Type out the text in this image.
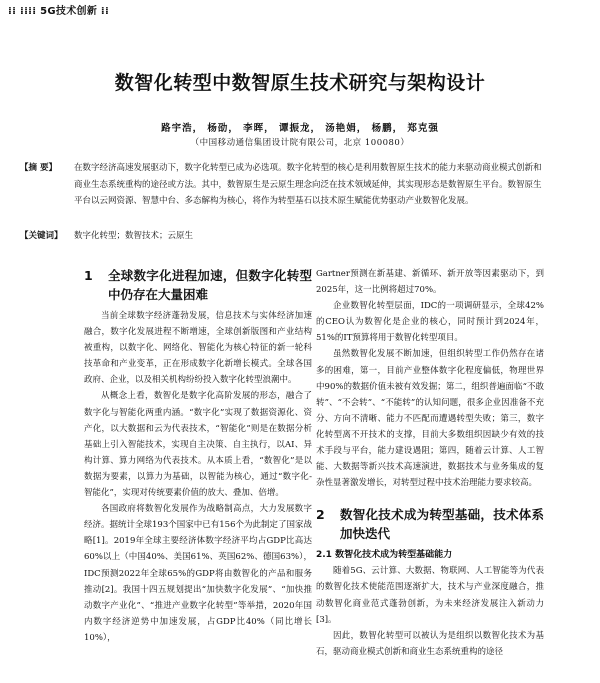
⁞⁞ ⁞⁞⁞⁞ 5G技术创新 ⁞⁞
数智化转型中数智原生技术研究与架构设计
路宇浩， 杨劭， 李晖， 谭振龙， 汤艳娟， 杨鹏， 郑克强
（中国移动通信集团设计院有限公司，北京 100080）
【摘 要】 在数字经济高速发展驱动下，数字化转型已成为必选项。数字化转型的核心是利用数智原生技术的能力来驱动商业模式创新和商业生态系统重构的途径或方法。其中，数智原生是云原生理念向泛在技术领域延伸，其实现形态是数智原生平台。数智原生平台以云网资源、智慧中台、多态解构为核心，将作为转型基石以技术原生赋能优势驱动产业数智化发展。
【关键词】 数字化转型；数智技术；云原生
1	全球数字化进程加速，但数字化转型中仍存在大量困难

当前全球数字经济蓬勃发展，信息技术与实体经济加速融合，数字化发展进程不断增速，全球创新版图和产业结构被重构，以数字化、网络化、智能化为核心特征的新一轮科技革命和产业变革，正在形成数字化新增长模式。全球各国政府、企业，以及相关机构纷纷投入数字化转型浪潮中。

从概念上看，数智化是数字化高阶发展的形态，融合了数字化与智能化两重内涵。“数字化”实现了数据资源化、资产化，以大数据和云为代表技术，“智能化”则是在数据分析基础上引入智能技术，实现自主决策、自主执行，以AI、异构计算、算力网络为代表技术。从本质上看，“数智化”是以数据为要素，以算力为基础，以智能为核心，通过“数字化-智能化”，实现对传统要素价值的放大、叠加、倍增。

各国政府将数智化发展作为战略制高点，大力发展数字经济。据统计全球193个国家中已有156个为此制定了国家战略[1]。2019年全球主要经济体数字经济平均占GDP比高达60%以上（中国40%、美国61%、英国62%、德国63%），IDC预测2022年全球65%的GDP将由数智化的产品和服务推动[2]。我国十四五规划提出“加快数字化发展”、“加快推动数字产业化”、“推进产业数字化转型”等举措，2020年国内数字经济逆势中加速发展，占GDP比40%（同比增长10%），

Gartner预测在新基建、新循环、新开放等因素驱动下，到2025年，这一比例将超过70%。

企业数智化转型层面，IDC的一项调研显示，全球42%的CEO认为数智化是企业的核心，同时预计到2024年，51%的IT预算将用于数智化转型项目。

虽然数智化发展不断加速，但组织转型工作仍然存在诸多的困难，第一，目前产业整体数字化程度偏低，物理世界中90%的数据价值未被有效发掘；第二，组织普遍面临“不敢转”、“不会转”、“不能转”的认知问题，很多企业因准备不充分、方向不清晰、能力不匹配而遭遇转型失败；第三，数字化转型离不开技术的支撑，目前大多数组织因缺少有效的技术手段与平台，能力建设遇阻；第四，随着云计算、人工智能、大数据等新兴技术高速演进，数据技术与业务集成的复杂性显著激发增长，对转型过程中技术治理能力要求较高。

2	数智化技术成为转型基础，技术体系加快迭代
2.1 数智化技术成为转型基础能力

随着5G、云计算、大数据、物联网、人工智能等为代表的数智化技术使能范围逐渐扩大，技术与产业深度融合，推动数智化商业范式蓬勃创新，为未来经济发展注入新动力[3]。

因此，数智化转型可以被认为是组织以数智化技术为基石，驱动商业模式创新和商业生态系统重构的途径
